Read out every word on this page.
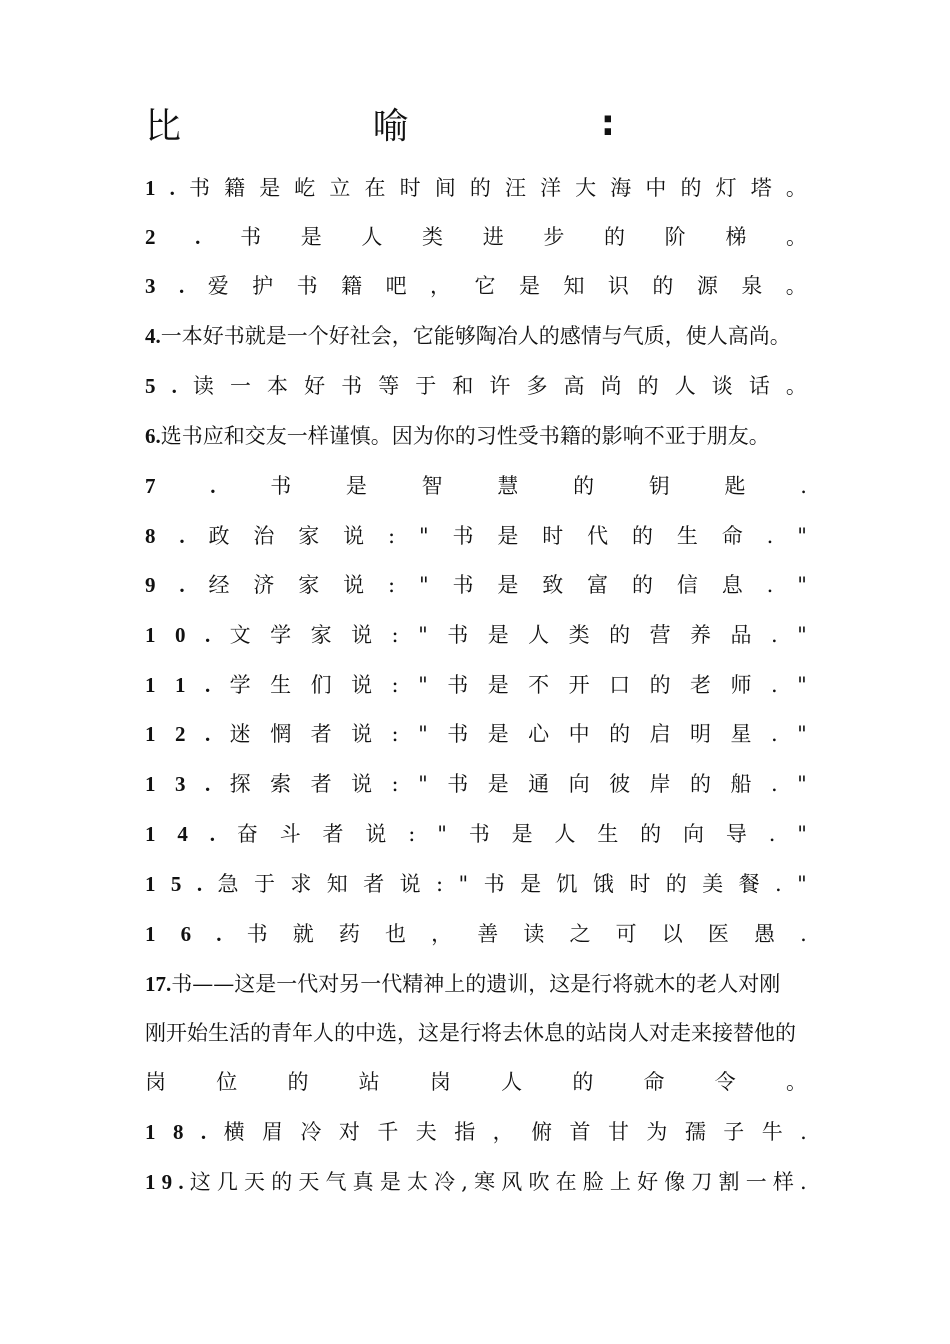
比	喻	:
1 . 书 籍 是 屹 立 在 时 间 的 汪 洋 大 海 中 的 灯 塔 。
2 . 书 是 人 类 进 步 的 阶 梯 。
3 . 爱 护 书 籍 吧 ， 它 是 知 识 的 源 泉 。
4.一本好书就是一个好社会，它能够陶冶人的感情与气质，使人高尚。
5 . 读 一 本 好 书 等 于 和 许 多 高 尚 的 人 谈 话 。
6.选书应和交友一样谨慎。因为你的习性受书籍的影响不亚于朋友。
7	.	书	是	智	慧	的	钥	匙	.
8 . 政 治 家 说 : " 书 是 时 代 的 生 命 . "
9 . 经 济 家 说 : " 书 是 致 富 的 信 息 . "
1 0 . 文 学 家 说 : " 书 是 人 类 的 营 养 品 . "
1 1 . 学 生 们 说 : " 书 是 不 开 口 的 老 师 . "
1 2 . 迷 惘 者 说 : " 书 是 心 中 的 启 明 星 . "
1 3 . 探 索 者 说 : " 书 是 通 向 彼 岸 的 船 . "
1 4 . 奋 斗 者 说 : " 书 是 人 生 的 向 导 . "
1 5 . 急 于 求 知 者 说 : " 书 是 饥 饿 时 的 美 餐 . "
1 6 . 书 就 药 也 ， 善 读 之 可 以 医 愚 .
17.书——这是一代对另一代精神上的遗训，这是行将就木的老人对刚
刚开始生活的青年人的中选，这是行将去休息的站岗人对走来接替他的
岗 位 的 站 岗 人 的 命 令 。
1 8 . 横 眉 冷 对 千 夫 指 ， 俯 首 甘 为 孺 子 牛 .
1 9 . 这 几 天 的 天 气 真 是 太 冷 , 寒 风 吹 在 脸 上 好 像 刀 割 一 样 .
